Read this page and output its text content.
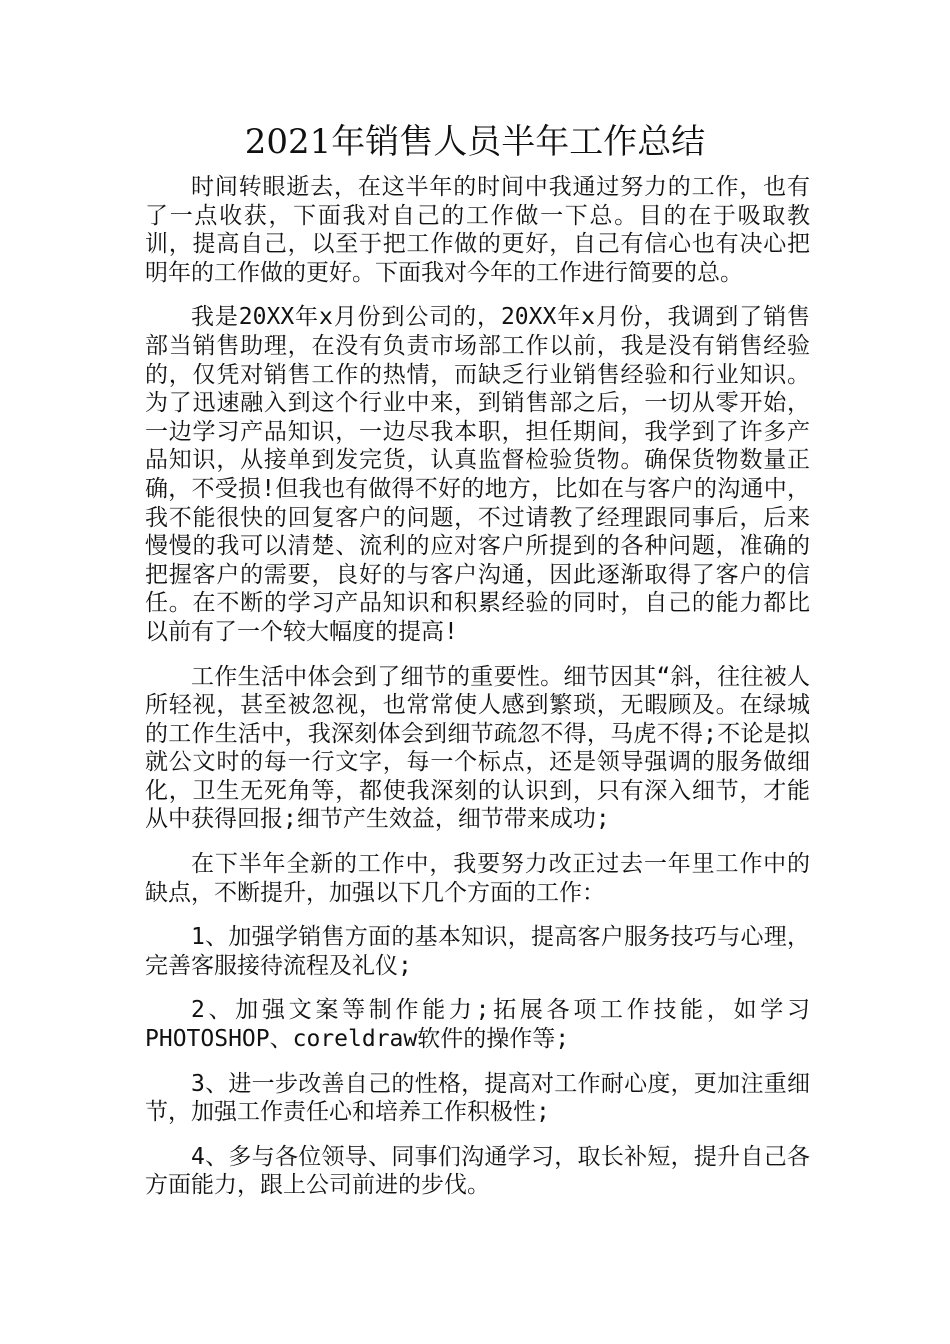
2021年销售人员半年工作总结

时间转眼逝去，在这半年的时间中我通过努力的工作，也有了一点收获，下面我对自己的工作做一下总。目的在于吸取教训，提高自己，以至于把工作做的更好，自己有信心也有决心把明年的工作做的更好。下面我对今年的工作进行简要的总。

我是20XX年x月份到公司的，20XX年x月份，我调到了销售部当销售助理，在没有负责市场部工作以前，我是没有销售经验的，仅凭对销售工作的热情，而缺乏行业销售经验和行业知识。为了迅速融入到这个行业中来，到销售部之后，一切从零开始，一边学习产品知识，一边尽我本职，担任期间，我学到了许多产品知识，从接单到发完货，认真监督检验货物。确保货物数量正确，不受损!但我也有做得不好的地方，比如在与客户的沟通中，我不能很快的回复客户的问题，不过请教了经理跟同事后，后来慢慢的我可以清楚、流利的应对客户所提到的各种问题，准确的把握客户的需要，良好的与客户沟通，因此逐渐取得了客户的信任。在不断的学习产品知识和积累经验的同时，自己的能力都比以前有了一个较大幅度的提高!

工作生活中体会到了细节的重要性。细节因其“斜，往往被人所轻视，甚至被忽视，也常常使人感到繁琐，无暇顾及。在绿城的工作生活中，我深刻体会到细节疏忽不得，马虎不得;不论是拟就公文时的每一行文字，每一个标点，还是领导强调的服务做细化，卫生无死角等，都使我深刻的认识到，只有深入细节，才能从中获得回报;细节产生效益，细节带来成功;

在下半年全新的工作中，我要努力改正过去一年里工作中的缺点，不断提升，加强以下几个方面的工作：

1、加强学销售方面的基本知识，提高客户服务技巧与心理，完善客服接待流程及礼仪;

2、加强文案等制作能力;拓展各项工作技能，如学习PHOTOSHOP、coreldraw软件的操作等;

3、进一步改善自己的性格，提高对工作耐心度，更加注重细节，加强工作责任心和培养工作积极性;

4、多与各位领导、同事们沟通学习，取长补短，提升自己各方面能力，跟上公司前进的步伐。
